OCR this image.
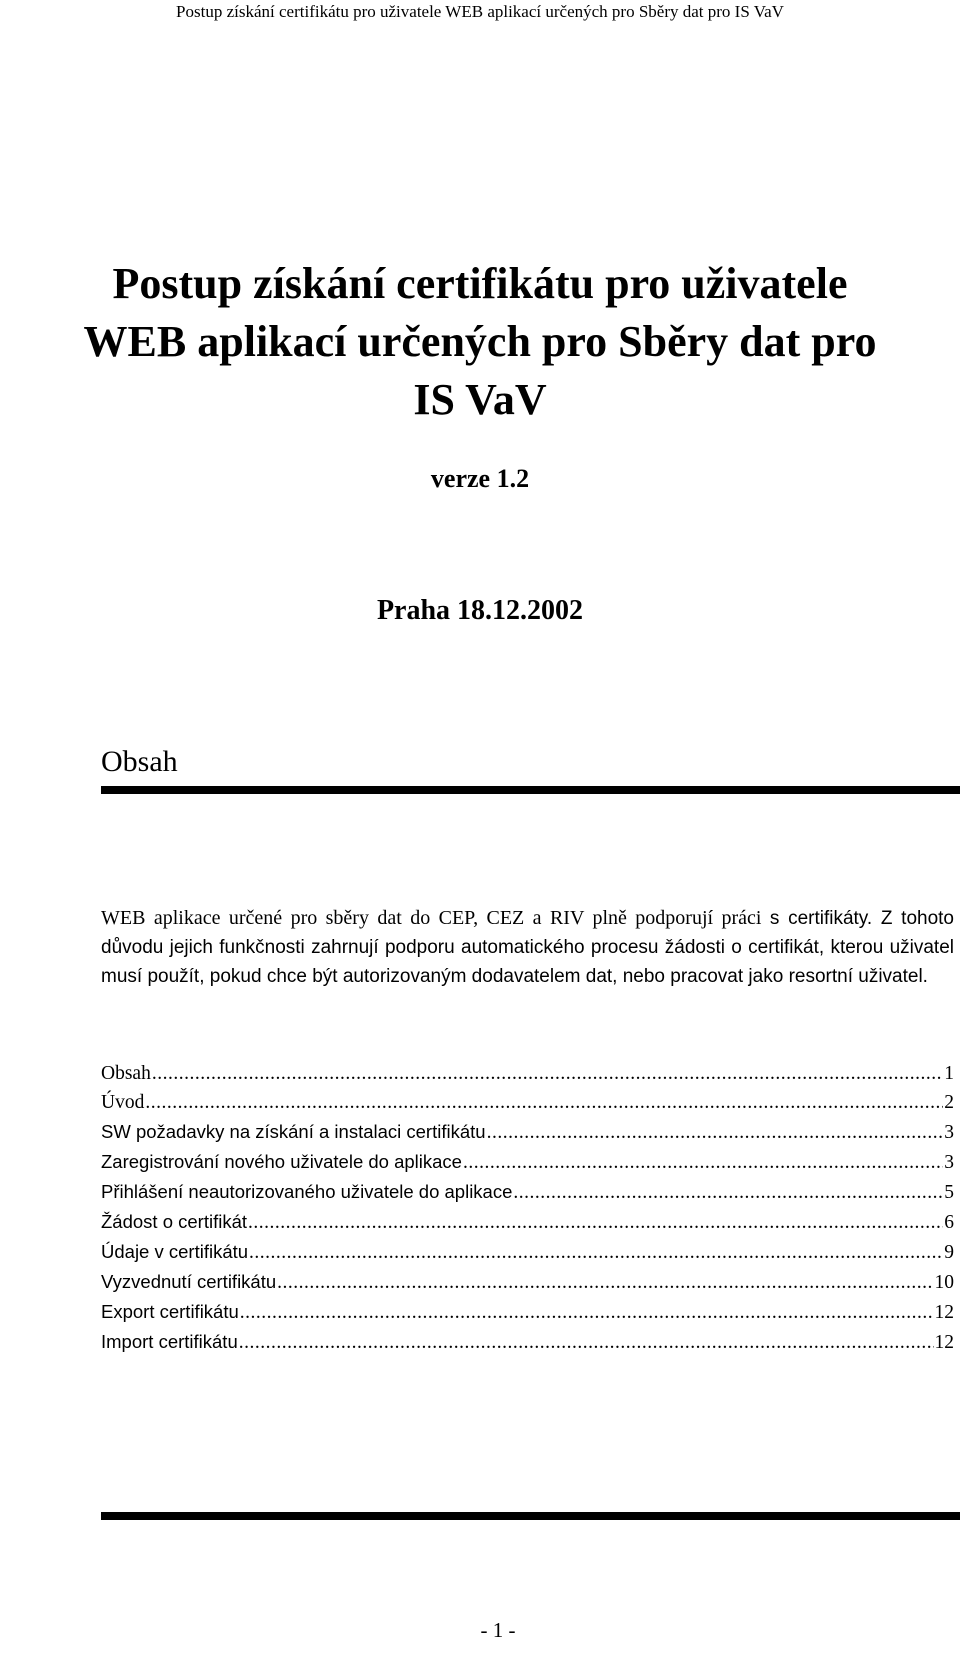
Postup získání certifikátu pro uživatele WEB aplikací určených pro Sběry dat pro IS VaV
Postup získání certifikátu pro uživatele
WEB aplikací určených pro Sběry dat pro
IS VaV
verze 1.2
Praha 18.12.2002
Obsah

WEB aplikace určené pro sběry dat do CEP, CEZ a RIV plně podporují práci s certifikáty. Z tohoto důvodu jejich funkčnosti zahrnují podporu automatického procesu žádosti o certifikát, kterou uživatel musí použít, pokud chce být autorizovaným dodavatelem dat, nebo pracovat jako resortní uživatel.

Obsah .....	1
Úvod .....	2
SW požadavky na získání a instalaci certifikátu .....	3
Zaregistrování nového uživatele do aplikace .....	3
Přihlášení neautorizovaného uživatele do aplikace .....	5
Žádost o certifikát .....	6
Údaje v certifikátu .....	9
Vyzvednutí certifikátu .....	10
Export certifikátu .....	12
Import certifikátu .....	12
- 1 -
